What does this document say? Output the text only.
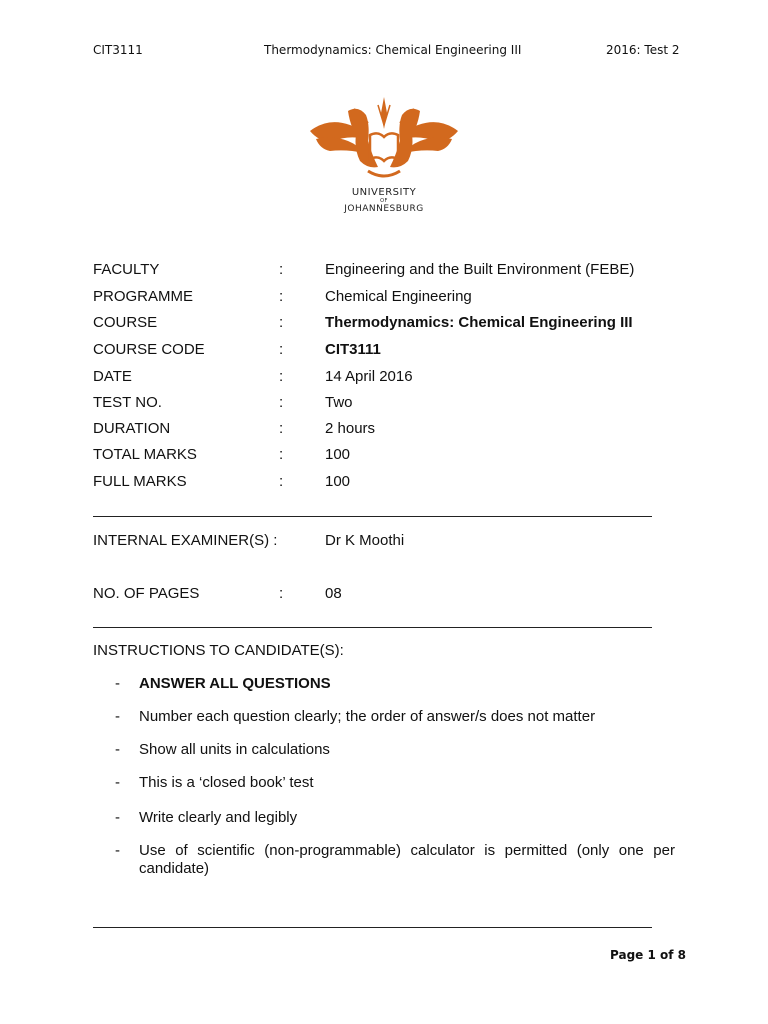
CIT3111	Thermodynamics: Chemical Engineering III	2016: Test 2
UNIVERSITY
OF
JOHANNESBURG
FACULTY	:	Engineering and the Built Environment (FEBE)
PROGRAMME	:	Chemical Engineering
COURSE	:	Thermodynamics: Chemical Engineering III
COURSE CODE	:	CIT3111
DATE	:	14 April 2016
TEST NO.	:	Two
DURATION	:	2 hours
TOTAL MARKS	:	100
FULL MARKS	:	100
INTERNAL EXAMINER(S) :	Dr K Moothi
NO. OF PAGES	:	08
INSTRUCTIONS TO CANDIDATE(S):
- ANSWER ALL QUESTIONS
- Number each question clearly; the order of answer/s does not matter
- Show all units in calculations
- This is a ‘closed book’ test
- Write clearly and legibly
- Use of scientific (non-programmable) calculator is permitted (only one per candidate)
Page 1 of 8
